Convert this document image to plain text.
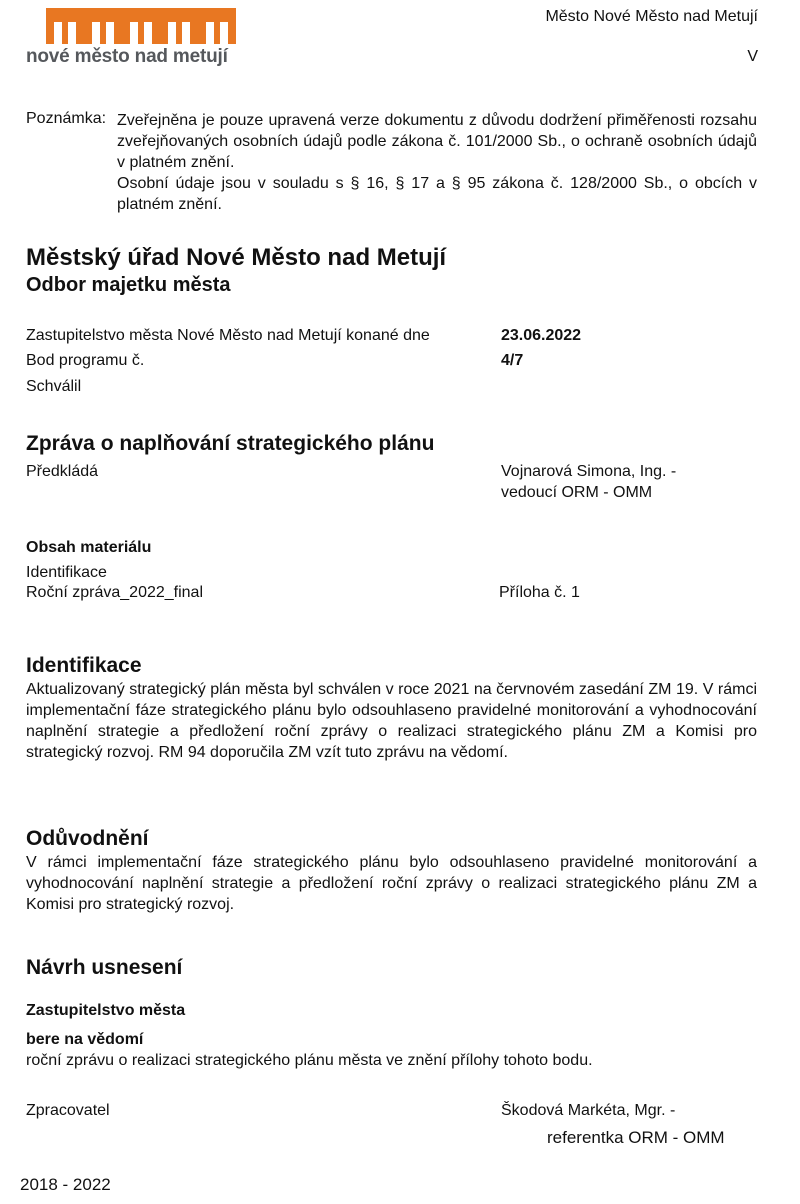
nové město nad metují
Město Nové Město nad Metují
V
Poznámka: Zveřejněna je pouze upravená verze dokumentu z důvodu dodržení přiměřenosti rozsahu zveřejňovaných osobních údajů podle zákona č. 101/2000 Sb., o ochraně osobních údajů v platném znění.

Osobní údaje jsou v souladu s § 16, § 17 a § 95 zákona č. 128/2000 Sb., o obcích v platném znění.

Městský úřad Nové Město nad Metují
Odbor majetku města
Zastupitelstvo města Nové Město nad Metují konané dne	23.06.2022
Bod programu č.	4/7
Schválil
Zpráva o naplňování strategického plánu
Předkládá	Vojnarová Simona, Ing. -
vedoucí ORM - OMM
Obsah materiálu
Identifikace
Roční zpráva_2022_final	Příloha č. 1
Identifikace
Aktualizovaný strategický plán města byl schválen v roce 2021 na červnovém zasedání ZM 19. V rámci implementační fáze strategického plánu bylo odsouhlaseno pravidelné monitorování a vyhodnocování naplnění strategie a předložení roční zprávy o realizaci strategického plánu ZM a Komisi pro strategický rozvoj. RM 94 doporučila ZM vzít tuto zprávu na vědomí.
Odůvodnění
V rámci implementační fáze strategického plánu bylo odsouhlaseno pravidelné monitorování a vyhodnocování naplnění strategie a předložení roční zprávy o realizaci strategického plánu ZM a Komisi pro strategický rozvoj.
Návrh usnesení
Zastupitelstvo města
bere na vědomí
roční zprávu o realizaci strategického plánu města ve znění přílohy tohoto bodu.
Zpracovatel	Škodová Markéta, Mgr. -
referentka ORM - OMM
2018 - 2022
